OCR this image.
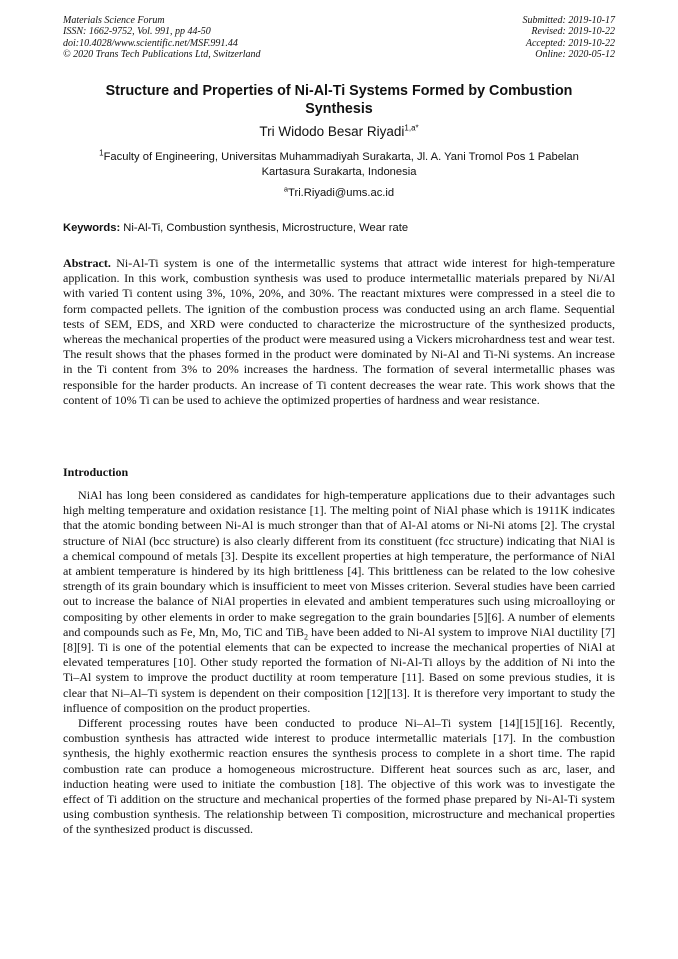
Materials Science Forum
ISSN: 1662-9752, Vol. 991, pp 44-50
doi:10.4028/www.scientific.net/MSF.991.44
© 2020 Trans Tech Publications Ltd, Switzerland
Submitted: 2019-10-17
Revised: 2019-10-22
Accepted: 2019-10-22
Online: 2020-05-12
Structure and Properties of Ni-Al-Ti Systems Formed by Combustion
Synthesis
Tri Widodo Besar Riyadi$^{1,a*}$
$^1$Faculty of Engineering, Universitas Muhammadiyah Surakarta, Jl. A. Yani Tromol Pos 1 Pabelan
Kartasura Surakarta, Indonesia
$^a$Tri.Riyadi@ums.ac.id
Keywords: Ni-Al-Ti, Combustion synthesis, Microstructure, Wear rate
Abstract. Ni-Al-Ti system is one of the intermetallic systems that attract wide interest for high-temperature application. In this work, combustion synthesis was used to produce intermetallic materials prepared by Ni/Al with varied Ti content using 3%, 10%, 20%, and 30%. The reactant mixtures were compressed in a steel die to form compacted pellets. The ignition of the combustion process was conducted using an arch flame. Sequential tests of SEM, EDS, and XRD were conducted to characterize the microstructure of the synthesized products, whereas the mechanical properties of the product were measured using a Vickers microhardness test and wear test. The result shows that the phases formed in the product were dominated by Ni-Al and Ti-Ni systems. An increase in the Ti content from 3% to 20% increases the hardness. The formation of several intermetallic phases was responsible for the harder products. An increase of Ti content decreases the wear rate. This work shows that the content of 10% Ti can be used to achieve the optimized properties of hardness and wear resistance.
Introduction

NiAl has long been considered as candidates for high-temperature applications due to their advantages such high melting temperature and oxidation resistance [1]. The melting point of NiAl phase which is 1911K indicates that the atomic bonding between Ni-Al is much stronger than that of Al-Al atoms or Ni-Ni atoms [2]. The crystal structure of NiAl (bcc structure) is also clearly different from its constituent (fcc structure) indicating that NiAl is a chemical compound of metals [3]. Despite its excellent properties at high temperature, the performance of NiAl at ambient temperature is hindered by its high brittleness [4]. This brittleness can be related to the low cohesive strength of its grain boundary which is insufficient to meet von Misses criterion. Several studies have been carried out to increase the balance of NiAl properties in elevated and ambient temperatures such using microalloying or compositing by other elements in order to make segregation to the grain boundaries [5][6]. A number of elements and compounds such as Fe, Mn, Mo, TiC and TiB$_2$ have been added to Ni-Al system to improve NiAl ductility [7][8][9]. Ti is one of the potential elements that can be expected to increase the mechanical properties of NiAl at elevated temperatures [10]. Other study reported the formation of Ni-Al-Ti alloys by the addition of Ni into the Ti–Al system to improve the product ductility at room temperature [11]. Based on some previous studies, it is clear that Ni–Al–Ti system is dependent on their composition [12][13]. It is therefore very important to study the influence of composition on the product properties.

Different processing routes have been conducted to produce Ni–Al–Ti system [14][15][16]. Recently, combustion synthesis has attracted wide interest to produce intermetallic materials [17]. In the combustion synthesis, the highly exothermic reaction ensures the synthesis process to complete in a short time. The rapid combustion rate can produce a homogeneous microstructure. Different heat sources such as arc, laser, and induction heating were used to initiate the combustion [18]. The objective of this work was to investigate the effect of Ti addition on the structure and mechanical properties of the formed phase prepared by Ni-Al-Ti system using combustion synthesis. The relationship between Ti composition, microstructure and mechanical properties of the synthesized product is discussed.
